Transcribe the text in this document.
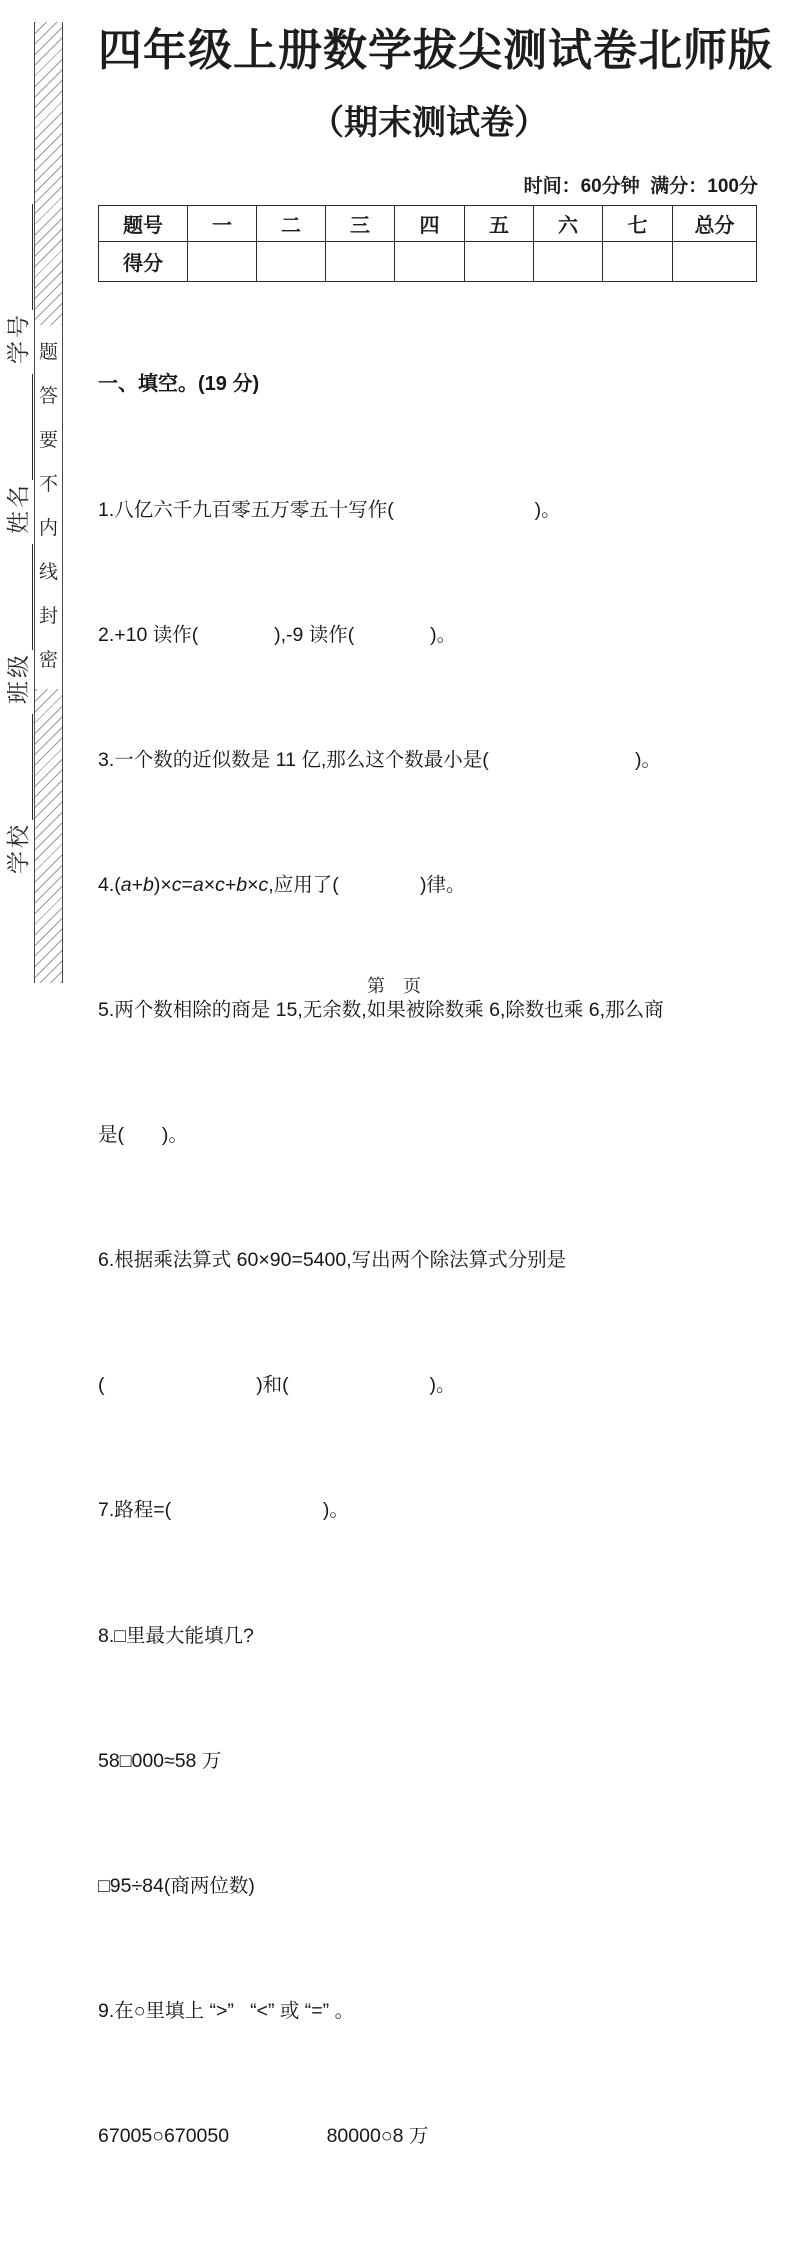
学校班级姓名学号 题答要不内线封密
四年级上册数学拔尖测试卷北师版
（期末测试卷）
时间：60分钟  满分：100分
题号	一	二	三	四	五	六	七	总分
得分								

一、填空。(19 分)

1.八亿六千九百零五万零五十写作(                          )。

2.+10 读作(              ),-9 读作(              )。

3.一个数的近似数是 11 亿,那么这个数最小是(                           )。

4.(a+b)×c=a×c+b×c,应用了(               )律。

5.两个数相除的商是 15,无余数,如果被除数乘 6,除数也乘 6,那么商

是(       )。

6.根据乘法算式 60×90=5400,写出两个除法算式分别是

(                            )和(                          )。

7.路程=(                            )。

8.□里最大能填几?

58□000≈58 万

□95÷84(商两位数)

9.在○里填上 “>”   “<” 或 “=” 。

67005○670050                  80000○8 万

第　页
